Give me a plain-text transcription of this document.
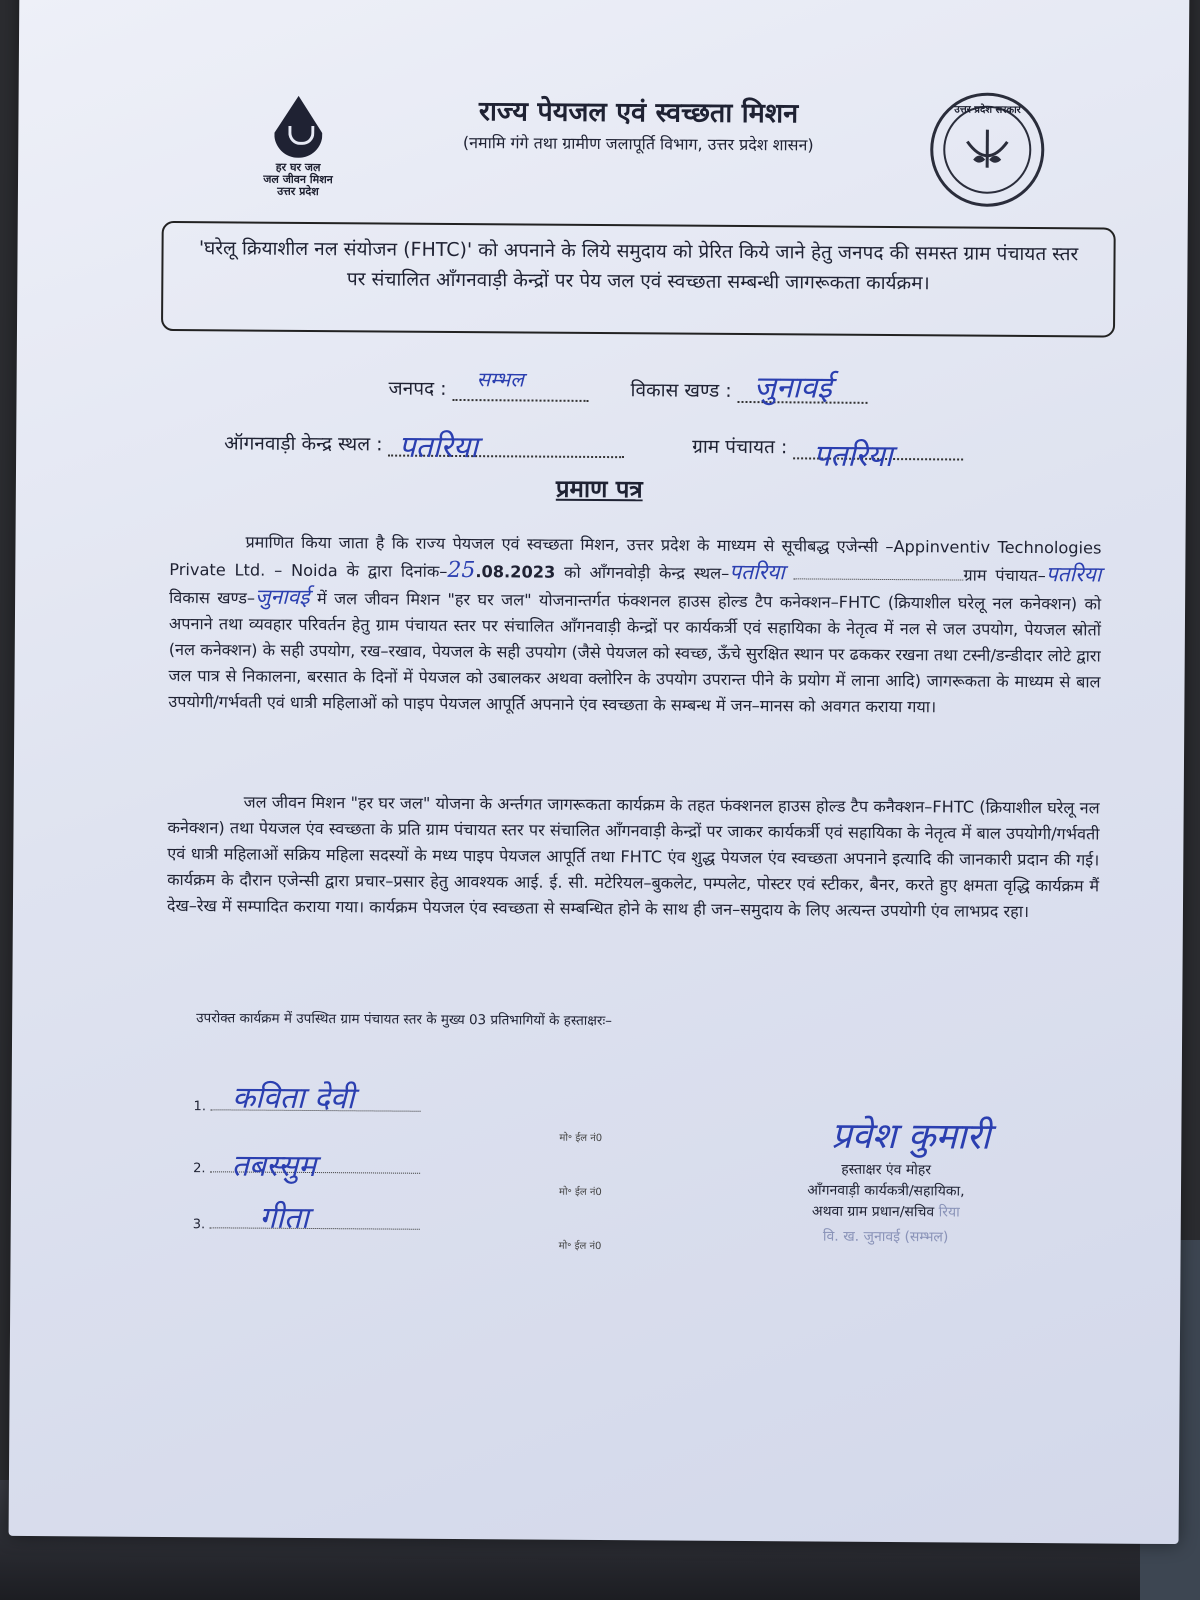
हर घर जल
जल जीवन मिशन
उत्तर प्रदेश
राज्य पेयजल एवं स्वच्छता मिशन
(नमामि गंगे तथा ग्रामीण जलापूर्ति विभाग, उत्तर प्रदेश शासन)
उत्तर प्रदेश सरकार
'घरेलू क्रियाशील नल संयोजन (FHTC)' को अपनाने के लिये समुदाय को प्रेरित किये जाने हेतु जनपद की समस्त ग्राम पंचायत स्तर पर संचालित आँगनवाड़ी केन्द्रों पर पेय जल एवं स्वच्छता सम्बन्धी जागरूकता कार्यक्रम।
जनपद : सम्भल	विकास खण्ड : जुनावई
ऑगनवाड़ी केन्द्र स्थल : पतरिया	ग्राम पंचायत : पतरिया
प्रमाण पत्र
प्रमाणित किया जाता है कि राज्य पेयजल एवं स्वच्छता मिशन, उत्तर प्रदेश के माध्यम से सूचीबद्ध एजेन्सी –Appinventiv Technologies Private Ltd. – Noida के द्वारा दिनांक–25.08.2023 को आँगनवोड़ी केन्द्र स्थल–पतरिया	ग्राम पंचायत–पतरिया विकास खण्ड–जुनावई में जल जीवन मिशन "हर घर जल" योजनान्तर्गत फंक्शनल हाउस होल्ड टैप कनेक्शन–FHTC (क्रियाशील घरेलू नल कनेक्शन) को अपनाने तथा व्यवहार परिवर्तन हेतु ग्राम पंचायत स्तर पर संचालित आँगनवाड़ी केन्द्रों पर कार्यकर्त्री एवं सहायिका के नेतृत्व में नल से जल उपयोग, पेयजल स्रोतों (नल कनेक्शन) के सही उपयोग, रख–रखाव, पेयजल के सही उपयोग (जैसे पेयजल को स्वच्छ, ऊँचे सुरक्षित स्थान पर ढककर रखना तथा टस्नी/डन्डीदार लोटे द्वारा जल पात्र से निकालना, बरसात के दिनों में पेयजल को उबालकर अथवा क्लोरिन के उपयोग उपरान्त पीने के प्रयोग में लाना आदि) जागरूकता के माध्यम से बाल उपयोगी/गर्भवती एवं धात्री महिलाओं को पाइप पेयजल आपूर्ति अपनाने एंव स्वच्छता के सम्बन्ध में जन–मानस को अवगत कराया गया।
जल जीवन मिशन "हर घर जल" योजना के अर्न्तगत जागरूकता कार्यक्रम के तहत फंक्शनल हाउस होल्ड टैप कनैक्शन–FHTC (क्रियाशील घरेलू नल कनेक्शन) तथा पेयजल एंव स्वच्छता के प्रति ग्राम पंचायत स्तर पर संचालित आँगनवाड़ी केन्द्रों पर जाकर कार्यकर्त्री एवं सहायिका के नेतृत्व में बाल उपयोगी/गर्भवती एवं धात्री महिलाओं सक्रिय महिला सदस्यों के मध्य पाइप पेयजल आपूर्ति तथा FHTC एंव शुद्ध पेयजल एंव स्वच्छता अपनाने इत्यादि की जानकारी प्रदान की गई। कार्यक्रम के दौरान एजेन्सी द्वारा प्रचार–प्रसार हेतु आवश्यक आई. ई. सी. मटेरियल–बुकलेट, पम्पलेट, पोस्टर एवं स्टीकर, बैनर, करते हुए क्षमता वृद्धि कार्यक्रम मैं देख–रेख में सम्पादित कराया गया। कार्यक्रम पेयजल एंव स्वच्छता से सम्बन्धित होने के साथ ही जन–समुदाय के लिए अत्यन्त उपयोगी एंव लाभप्रद रहा।
उपरोक्त कार्यक्रम में उपस्थित ग्राम पंचायत स्तर के मुख्य 03 प्रतिभागियों के हस्ताक्षरः–
1. कविता देवी
मो॰ ईल नं0
2. तबस्सुम
मो॰ ईल नं0
3. गीता
मो॰ ईल नं0
प्रवेश कुमारी
हस्ताक्षर एंव मोहर
आँगनवाड़ी कार्यकत्री/सहायिका,
अथवा ग्राम प्रधान/सचिव रिया
वि. ख. जुनावई (सम्भल)
